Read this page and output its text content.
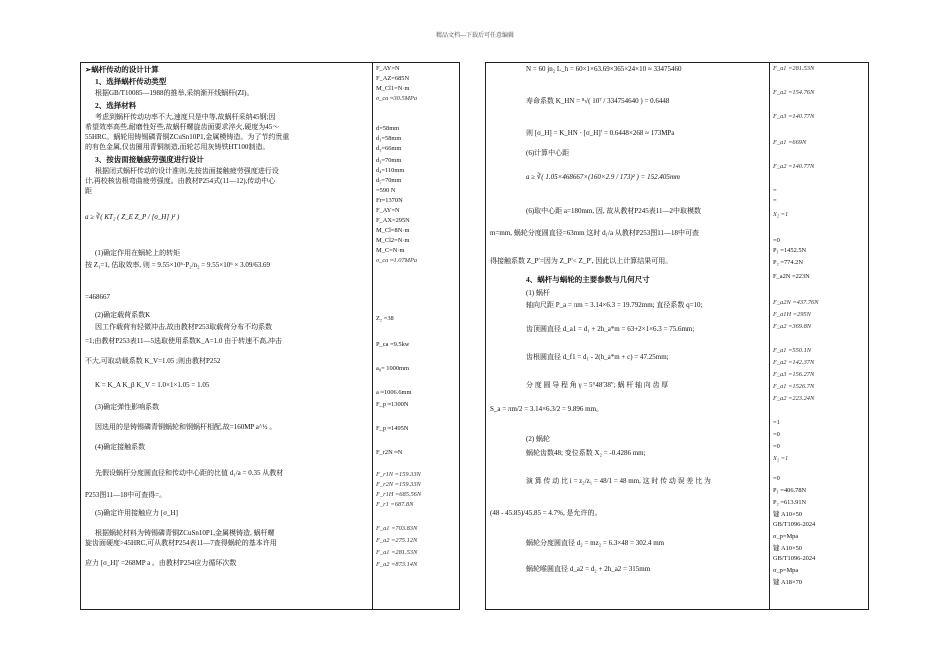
精品文档---下载后可任意编辑
➢蜗杆传动的设计计算
1、选择蜗杆传动类型
根据GB/T10085—1988的推举,采纳渐开线蜗杆(ZI)。
2、选择材料
考虑到蜗杆传动功率不大,速度只是中等,故蜗杆采纳45钢;因
希望效率高些,耐磨性好些,故蜗杆螺旋齿面要求淬火,硬度为45～
55HRC。蜗轮用铸锡磷青铜ZCuSn10P1,金属模铸造。为了节约贵重
的有色金属,仅齿圈用青铜制造,而轮芯用灰铸铁HT100制造。
3、按齿面接触疲劳强度进行设计
根据闭式蜗杆传动的设计准则,先按齿面接触疲劳强度进行设
计,再校核齿根弯曲疲劳强度。由教材P254式(11—12),传动中心
距
a ≥ ∛( KT₂ ( Z_E Z_P / [σ_H] )² )
(1)确定作用在蜗轮上的转矩
按 Z₁=1, 估取效率, 则 = 9.55×10⁶·P₂/n₂ = 9.55×10⁶ × 3.09/63.69
=468667
(2)确定载荷系数K
因工作载荷有轻微冲击,故由教材P253取载荷分布不均系数
=1;由教材P253表11—5选取使用系数K_A=1.0 由于转速不高,冲击
不大,可取动载系数 K_V=1.05 ;则由教材P252
K = K_A K_β K_V = 1.0×1×1.05 = 1.05
(3)确定弹性影响系数
因选用的是铸锡磷青铜蜗轮和钢蜗杆相配,故=160MP a^½ 。
(4)确定接触系数
先假设蜗杆分度圆直径和传动中心距的比值 d₁/a = 0.35 从教材
P253图11—18中可查得=。
(5)确定许用接触应力 [σ_H]
根据蜗轮材料为铸锡磷青铜ZCuSn10P1,金属模铸造, 蜗杆螺
旋齿面硬度>45HRC,可从教材P254表11—7查得蜗轮的基本许用
应力 [σ_H]′ =268MP a 。由教材P254应力循环次数
F_AY=N
F_AZ=685N
M_Cl1=N·m
σ_ca ≈30.5MPa
d=58mm
d₁=58mm
d₂=66mm
d₃=70mm
d₄=110mm
d₅=70mm
=590 N
Fr=1370N
F_AY=N
F_AX=295N
M_Cl=8N·m
M_Cl2=N·m
M_C=N·m
σ_ca ≈1.07MPa
Z₂ =38
P_ca =9.5kw
a₀= 1000mm
a ≈1006.6mm
F_p ≈1300N
F_p ≈1495N
F_r2N ≈N
F_r1N =159.33N
F_r2N =159.33N
F_r1H =685.56N
F_r1 =687.8N
F_a1 =703.83N
F_a2 =275.12N
F_a1 =281.53N
F_a2 =873.14N
N = 60 jn₂ L_h = 60×1×63.69×365×24×10 ≈ 33475460
寿命系数 K_HN = ⁸√( 10⁷ / 334754640 ) = 0.6448
则 [σ_H] = K_HN · [σ_H]′ = 0.6448×268 ≈ 173MPa
(6)计算中心距
a ≥ ∛( 1.05×468667×(160×2.9 / 173)² ) = 152.405mm
(6)取中心距 a=180mm, 因, 故从教材P245表11—2中取模数
m=mm, 蜗轮分度圆直径=63mm 这时 d₁/a 从教材P253图11—18中可查
得接触系数 Z_P′=因为 Z_P′< Z_P′, 因此以上计算结果可用。
4、蜗杆与蜗轮的主要参数与几何尺寸
(1) 蜗杆
轴向尺距 P_a = πm = 3.14×6.3 = 19.792mm; 直径系数 q=10;
齿顶圆直径 d_a1 = d₁ + 2h_a*m = 63+2×1×6.3 = 75.6mm;
齿根圆直径 d_f1 = d₁ - 2(h_a*m + c) = 47.25mm;
分 度 圆 导 程 角 γ = 5°48′38″; 蜗 杆 轴 向 齿 厚
S_a = πm/2 = 3.14×6.3/2 = 9.896 mm。
(2) 蜗轮
蜗轮齿数48; 变位系数 X₂ = -0.4286 mm;
演 算 传 动 比 i = z₂/z₁ = 48/1 = 48 mm, 这 时 传 动 误 差 比 为
(48 - 45.85)/45.85 = 4.7%, 是允许的。
蜗轮分度圆直径 d₂ = mz₂ = 6.3×48 = 302.4 mm
蜗轮喉圆直径 d_a2 = d₂ + 2h_a2 = 315mm
F_a1 =281.53N
F_a2 =154.76N
F_a3 =140.77N
F_a1 =669N
F_a2 =140.77N
=
=
X₂ =1
=0
P₁ =1452.5N
P₂ =774.2N
F_a2N =223N
F_a2N =437.76N
F_a1H =295N
F_a2 =369.8N
F_a1 =550.1N
F_a2 =142.37N
F_a3 =156.27N
F_a1 =1526.7N
F_a2 =223.24N
=1
=0
=0
X₂ =1
=0
P₁ =406.78N
P₂ =613.91N
键 A10×50
GB/T1096-2024
σ_p=Mpa
键 A10×50
GB/T1096-2024
σ_p=Mpa
键 A18×70
